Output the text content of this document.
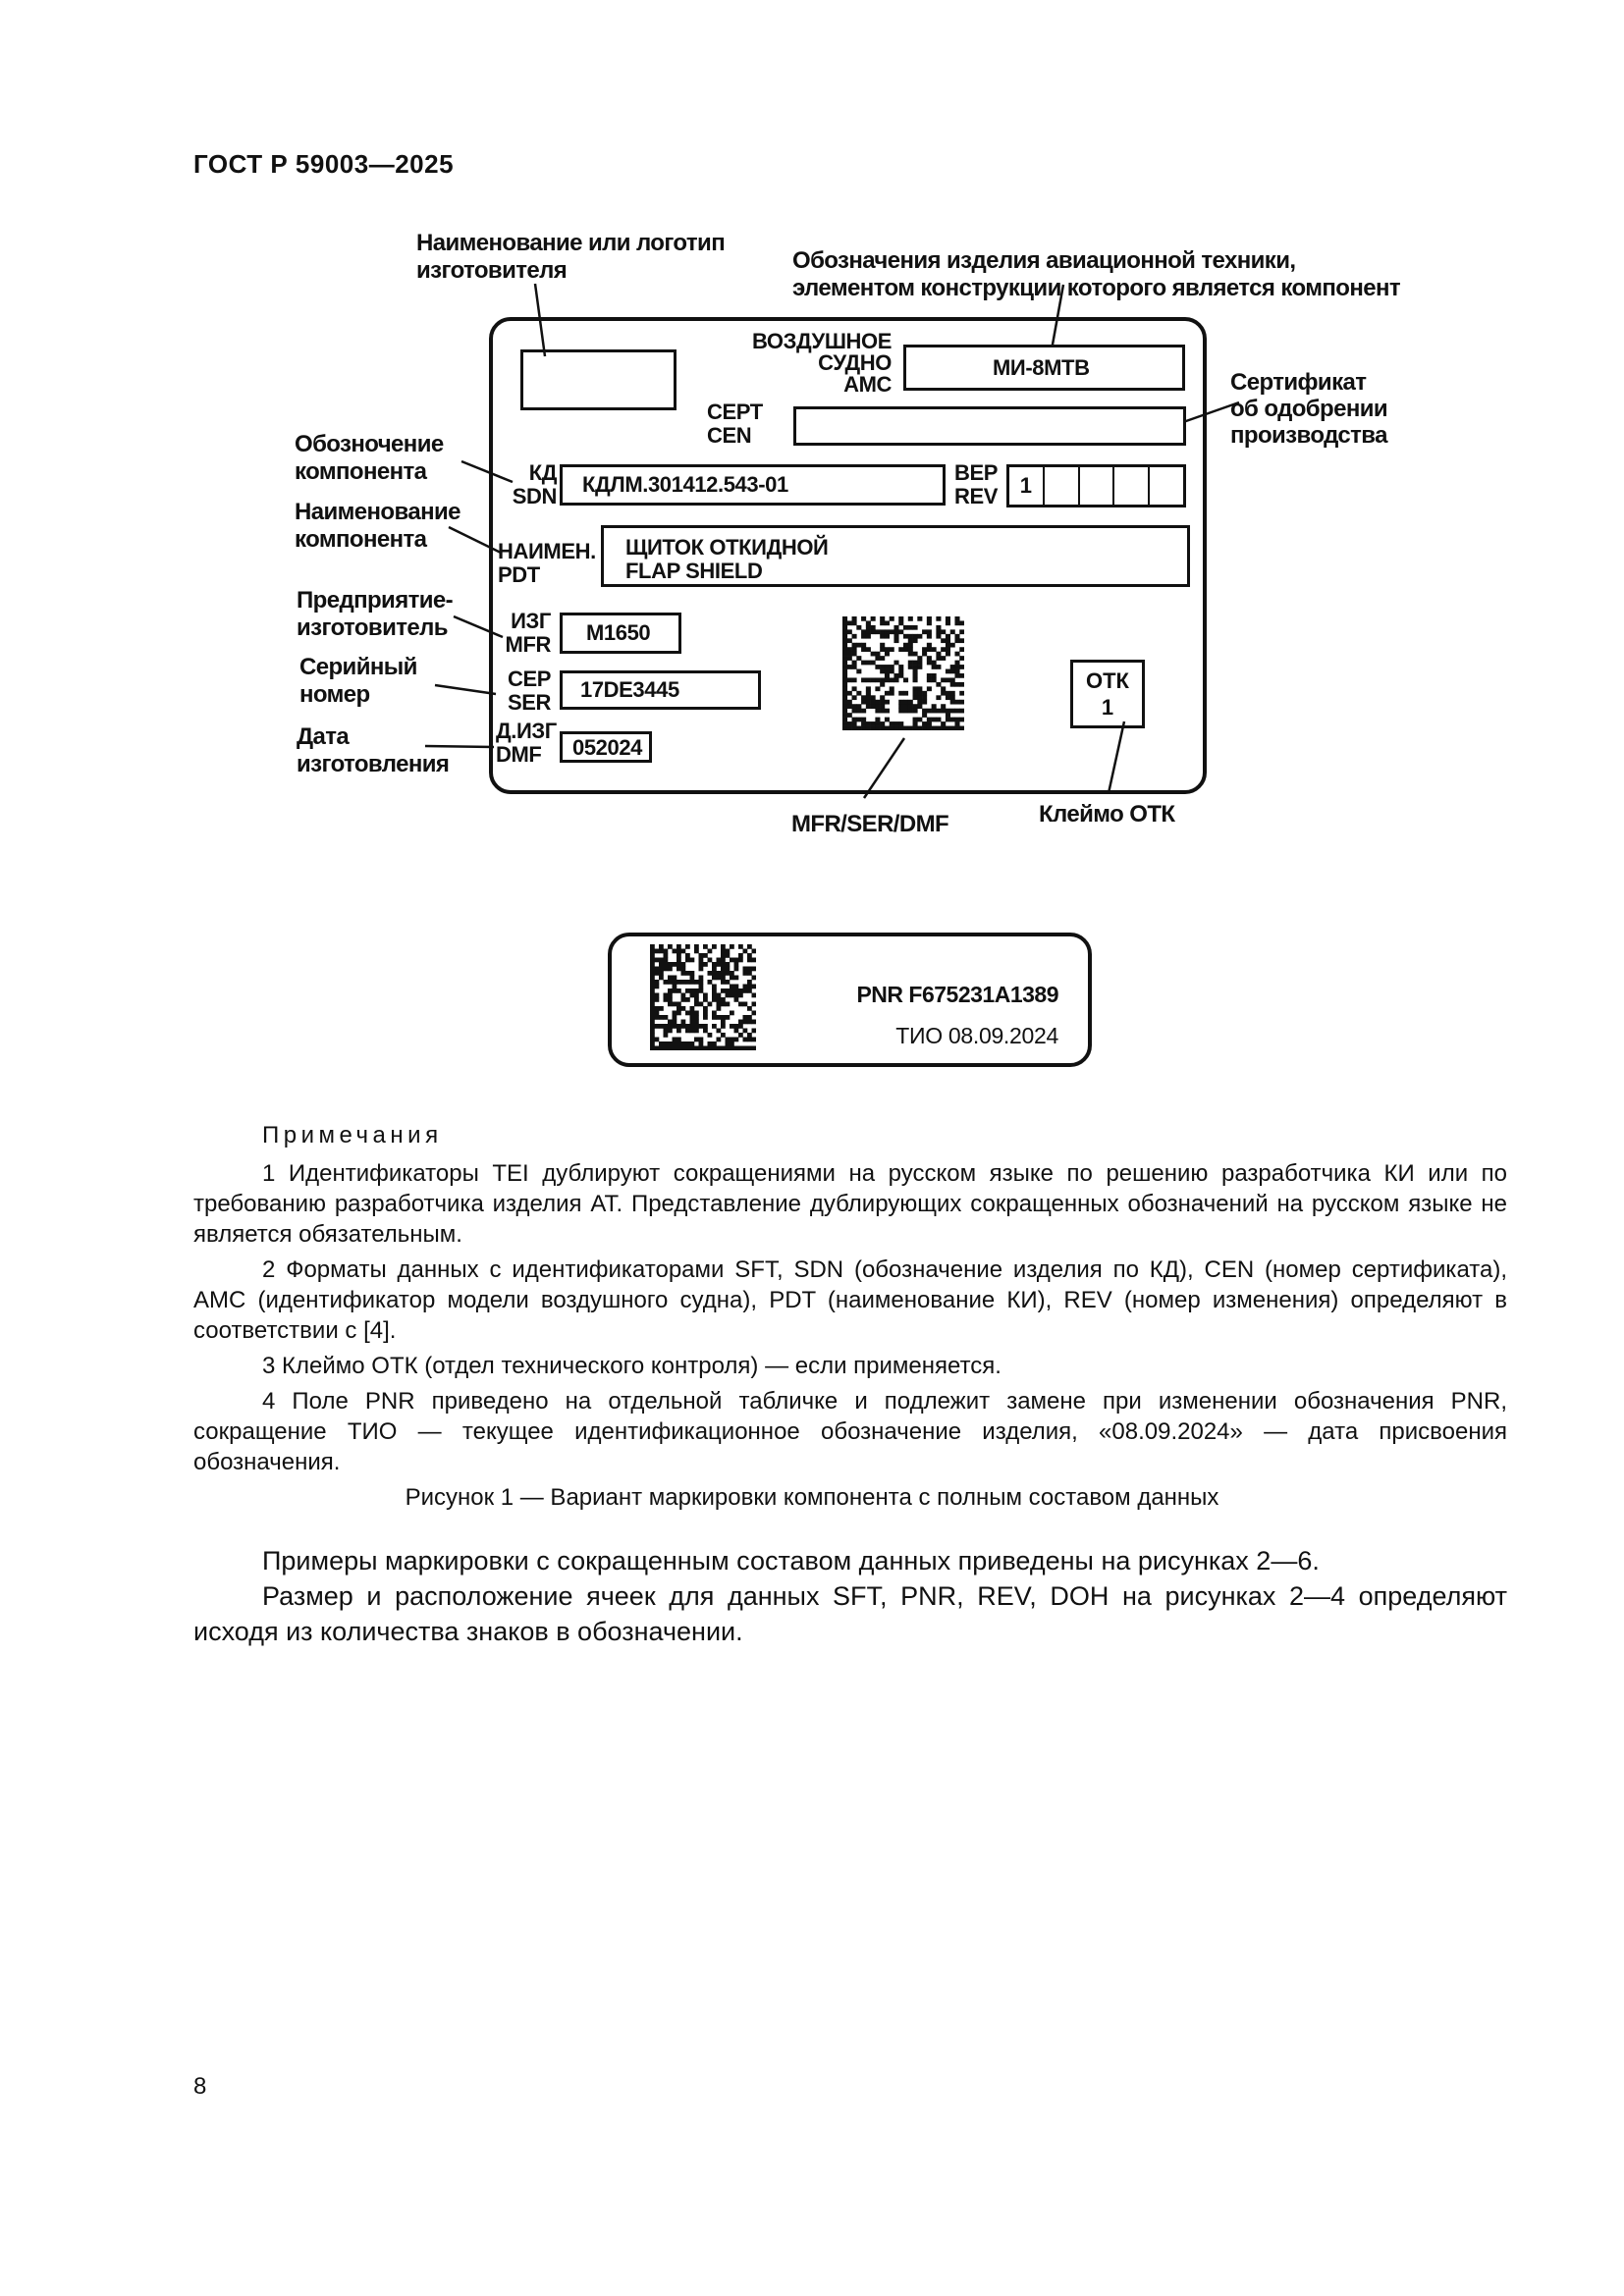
ГОСТ Р 59003—2025
Наименование или логотип
изготовителя	Обозначения изделия авиационной техники,
элементом конструкции которого является компонент
Сертификат
об одобрении
производства
Обозночение
компонента
Наименование
компонента
Предприятие-
изготовитель
Серийный
номер
Дата
изготовления
MFR/SER/DMF	Клеймо ОТК
ВОЗДУШНОЕ
СУДНО
АМС
МИ-8МТВ
СЕРТ
CEN
КД
SDN	КДЛМ.301412.543-01	ВЕР
REV	1
НАИМЕН.
PDT
ЩИТОК ОТКИДНОЙ
FLAP SHIELD
ИЗГ
MFR	M1650
СЕР
SER
17DE3445
Д.ИЗГ
DMF	052024
ОТК
1
PNR F675231A1389
ТИО 08.09.2024
Примечания

1 Идентификаторы TEI дублируют сокращениями на русском языке по решению разработчика КИ или по требованию разработчика изделия АТ. Представление дублирующих сокращенных обозначений на русском языке не является обязательным.

2 Форматы данных с идентификаторами SFT, SDN (обозначение изделия по КД), CEN (номер сертификата), АМС (идентификатор модели воздушного судна), PDT (наименование КИ), REV (номер изменения) определяют в соответствии с [4].

3 Клеймо ОТК (отдел технического контроля) — если применяется.

4 Поле PNR приведено на отдельной табличке и подлежит замене при изменении обозначения PNR, сокращение ТИО — текущее идентификационное обозначение изделия, «08.09.2024» — дата присвоения обозначения.

Рисунок 1 — Вариант маркировки компонента с полным составом данных

Примеры маркировки с сокращенным составом данных приведены на рисунках 2—6.

Размер и расположение ячеек для данных SFT, PNR, REV, DOH на рисунках 2—4 определяют исходя из количества знаков в обозначении.

8
